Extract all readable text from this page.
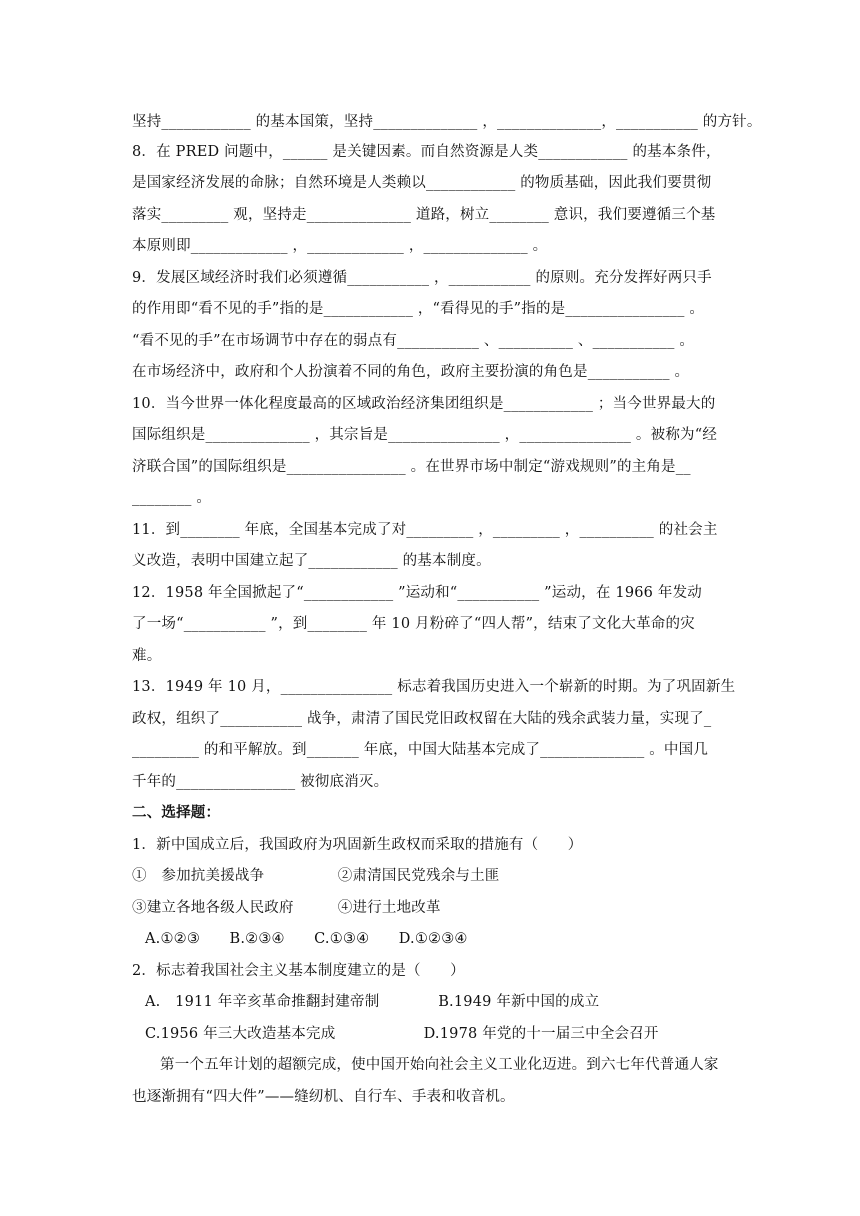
坚持____________ 的基本国策，坚持______________ ，______________，___________ 的方针。
8．在 PRED 问题中，______ 是关键因素。而自然资源是人类____________ 的基本条件，
是国家经济发展的命脉；自然环境是人类赖以____________ 的物质基础，因此我们要贯彻
落实_________ 观，坚持走______________ 道路，树立________ 意识，我们要遵循三个基
本原则即_____________ ，_____________ ，______________ 。
9．发展区域经济时我们必须遵循___________ ，___________ 的原则。充分发挥好两只手
的作用即“看不见的手”指的是____________ ，“看得见的手”指的是________________ 。
“看不见的手”在市场调节中存在的弱点有___________ 、__________ 、___________ 。
在市场经济中，政府和个人扮演着不同的角色，政府主要扮演的角色是___________ 。
10．当今世界一体化程度最高的区域政治经济集团组织是____________ ；当今世界最大的
国际组织是______________ ，其宗旨是_______________ ，_______________ 。被称为“经
济联合国”的国际组织是________________ 。在世界市场中制定“游戏规则”的主角是__
________ 。
11．到________ 年底，全国基本完成了对_________ ，_________ ，__________ 的社会主
义改造，表明中国建立起了____________ 的基本制度。
12．1958 年全国掀起了“____________ ”运动和“___________ ”运动，在 1966 年发动
了一场“___________ ”，到________ 年 10 月粉碎了“四人帮”，结束了文化大革命的灾
难。
13．1949 年 10 月，_______________ 标志着我国历史进入一个崭新的时期。为了巩固新生
政权，组织了___________ 战争，肃清了国民党旧政权留在大陆的残余武装力量，实现了_
_________ 的和平解放。到_______ 年底，中国大陆基本完成了______________ 。中国几
千年的________________ 被彻底消灭。
二、选择题：
1．新中国成立后，我国政府为巩固新生政权而采取的措施有（　　）
①　参加抗美援战争　　　　　②肃清国民党残余与土匪
③建立各地各级人民政府　　　④进行土地改革
A.①②③　　B.②③④　　C.①③④　　D.①②③④
2．标志着我国社会主义基本制度建立的是（　　）
A.　1911 年辛亥革命推翻封建帝制　　　　B.1949 年新中国的成立
C.1956 年三大改造基本完成　　　　　　D.1978 年党的十一届三中全会召开
第一个五年计划的超额完成，使中国开始向社会主义工业化迈进。到六七年代普通人家
也逐渐拥有“四大件”——缝纫机、自行车、手表和收音机。
